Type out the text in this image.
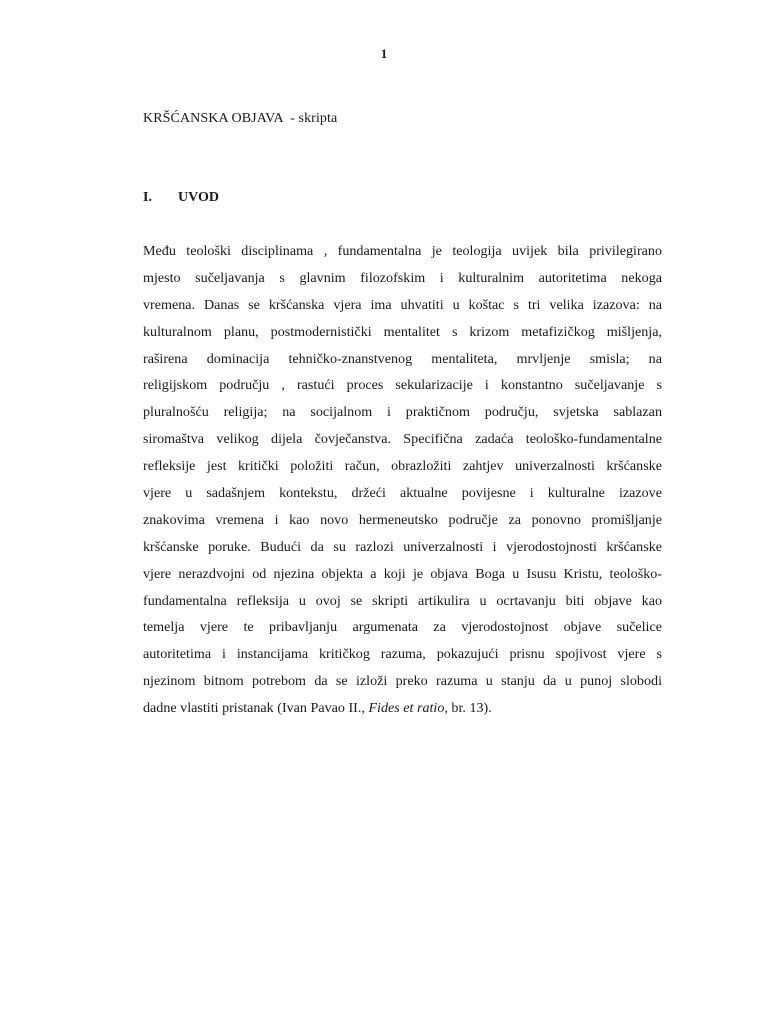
1
KRŠĆANSKA OBJAVA  - skripta
I. UVOD
Među teološki disciplinama , fundamentalna je teologija uvijek bila privilegirano
mjesto sučeljavanja s glavnim filozofskim i kulturalnim autoritetima nekoga
vremena. Danas se kršćanska vjera ima uhvatiti u koštac s tri velika izazova: na
kulturalnom planu, postmodernistički mentalitet s krizom metafizičkog mišljenja,
raširena dominacija tehničko-znanstvenog mentaliteta, mrvljenje smisla; na
religijskom području , rastući proces sekularizacije i konstantno sučeljavanje s
pluralnošću religija; na socijalnom i praktičnom području, svjetska sablazan
siromaštva velikog dijela čovječanstva. Specifična zadaća teološko-fundamentalne
refleksije jest kritički položiti račun, obrazložiti zahtjev univerzalnosti kršćanske
vjere u sadašnjem kontekstu, držeći aktualne povijesne i kulturalne izazove
znakovima vremena i kao novo hermeneutsko područje za ponovno promišljanje
kršćanske poruke. Budući da su razlozi univerzalnosti i vjerodostojnosti kršćanske
vjere nerazdvojni od njezina objekta a koji je objava Boga u Isusu Kristu, teološko-
fundamentalna refleksija u ovoj se skripti artikulira u ocrtavanju biti objave kao
temelja vjere te pribavljanju argumenata za vjerodostojnost objave sučelice
autoritetima i instancijama kritičkog razuma, pokazujući prisnu spojivost vjere s
njezinom bitnom potrebom da se izloži preko razuma u stanju da u punoj slobodi
dadne vlastiti pristanak (Ivan Pavao II., Fides et ratio, br. 13).
